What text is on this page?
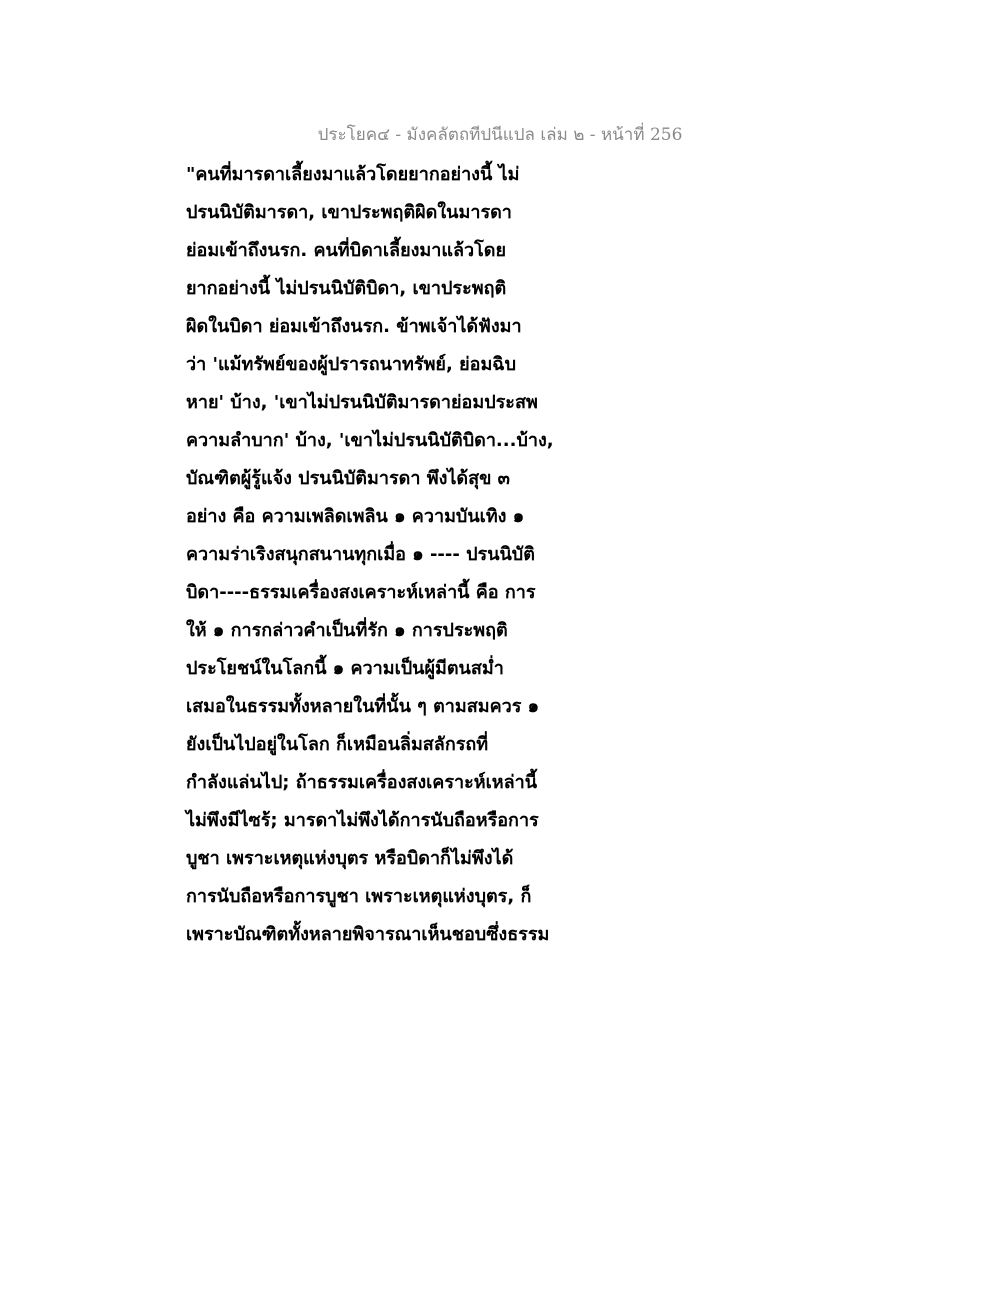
ประโยค๔ - มังคลัตถทีปนีแปล เล่ม ๒ - หน้าที่ 256
"คนที่มารดาเลี้ยงมาแล้วโดยยากอย่างนี้ ไม่
ปรนนิบัติมารดา, เขาประพฤติผิดในมารดา
ย่อมเข้าถึงนรก. คนที่บิดาเลี้ยงมาแล้วโดย
ยากอย่างนี้ ไม่ปรนนิบัติบิดา, เขาประพฤติ
ผิดในบิดา ย่อมเข้าถึงนรก. ข้าพเจ้าได้ฟังมา
ว่า 'แม้ทรัพย์ของผู้ปรารถนาทรัพย์, ย่อมฉิบ
หาย' บ้าง, 'เขาไม่ปรนนิบัติมารดาย่อมประสพ
ความลำบาก' บ้าง, 'เขาไม่ปรนนิบัติบิดา...บ้าง,
บัณฑิตผู้รู้แจ้ง ปรนนิบัติมารดา พึงได้สุข ๓
อย่าง คือ ความเพลิดเพลิน ๑ ความบันเทิง ๑
ความร่าเริงสนุกสนานทุกเมื่อ ๑ ---- ปรนนิบัติ
บิดา----ธรรมเครื่องสงเคราะห์เหล่านี้ คือ การ
ให้ ๑ การกล่าวคำเป็นที่รัก ๑ การประพฤติ
ประโยชน์ในโลกนี้ ๑ ความเป็นผู้มีตนสม่ำ
เสมอในธรรมทั้งหลายในที่นั้น ๆ ตามสมควร ๑
ยังเป็นไปอยู่ในโลก ก็เหมือนลิ่มสลักรถที่
กำลังแล่นไป; ถ้าธรรมเครื่องสงเคราะห์เหล่านี้
ไม่พึงมีไซร้; มารดาไม่พึงได้การนับถือหรือการ
บูชา เพราะเหตุแห่งบุตร หรือบิดาก็ไม่พึงได้
การนับถือหรือการบูชา เพราะเหตุแห่งบุตร, ก็
เพราะบัณฑิตทั้งหลายพิจารณาเห็นชอบซึ่งธรรม
